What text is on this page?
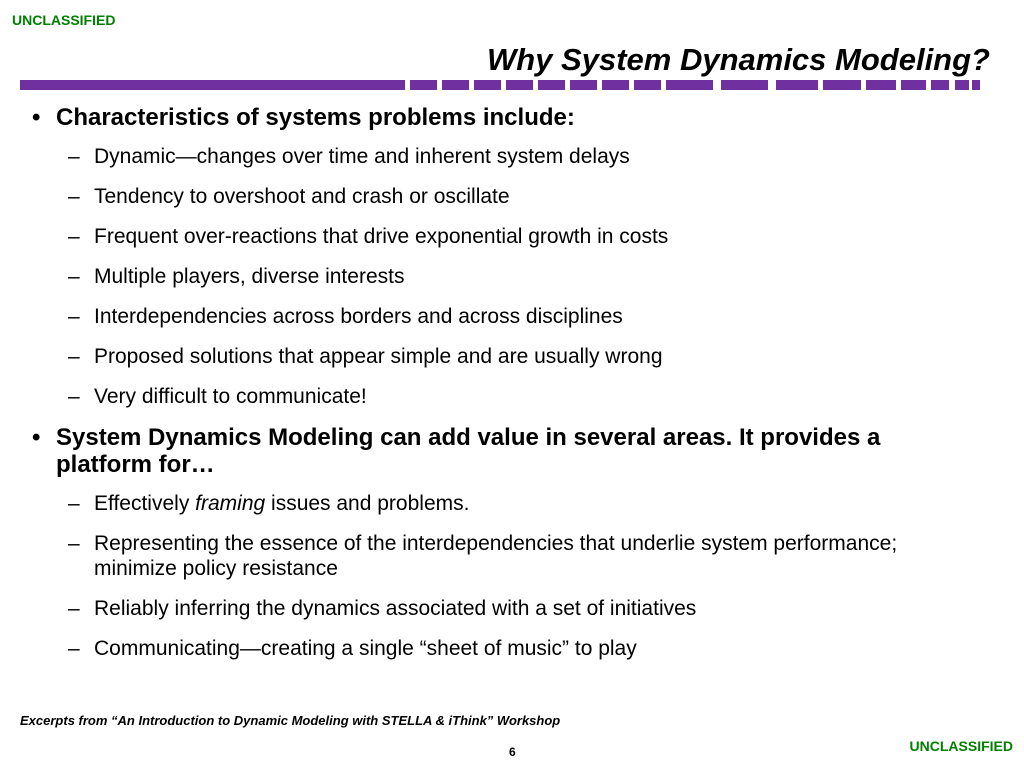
UNCLASSIFIED
Why System Dynamics Modeling?
• Characteristics of systems problems include:
– Dynamic—changes over time and inherent system delays
– Tendency to overshoot and crash or oscillate
– Frequent over-reactions that drive exponential growth in costs
– Multiple players, diverse interests
– Interdependencies across borders and across disciplines
– Proposed solutions that appear simple and are usually wrong
– Very difficult to communicate!
• System Dynamics Modeling can add value in several areas. It provides a platform for…
– Effectively framing issues and problems.
– Representing the essence of the interdependencies that underlie system performance; minimize policy resistance
– Reliably inferring the dynamics associated with a set of initiatives
– Communicating—creating a single “sheet of music” to play
Excerpts from “An Introduction to Dynamic Modeling with STELLA & iThink” Workshop
6	UNCLASSIFIED
